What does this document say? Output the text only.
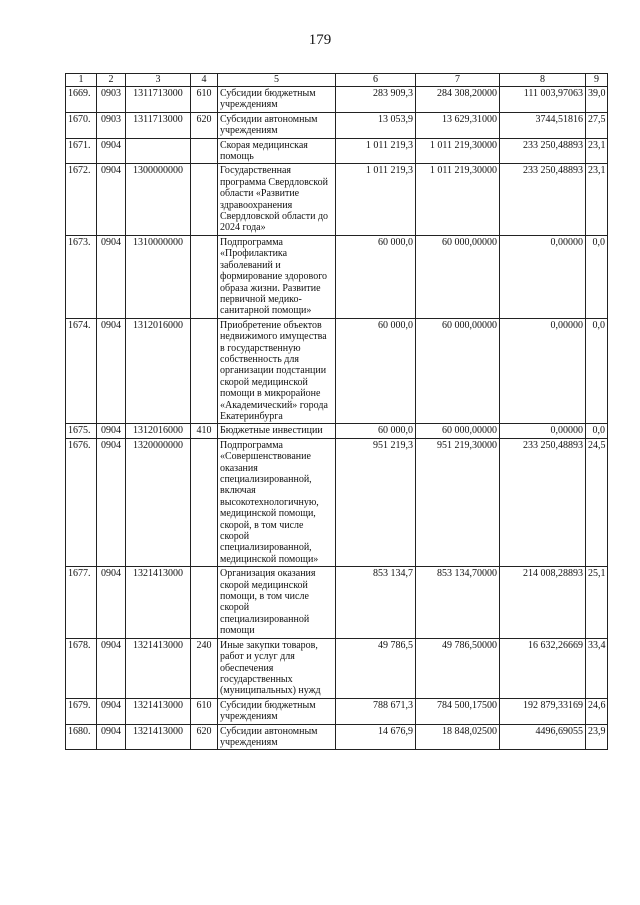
179
1	2	3	4	5	6	7	8	9
1669.	0903	1311713000	610	Субсидии бюджетным учреждениям	283 909,3	284 308,20000	111 003,97063	39,0
1670.	0903	1311713000	620	Субсидии автономным учреждениям	13 053,9	13 629,31000	3744,51816	27,5
1671.	0904			Скорая медицинская помощь	1 011 219,3	1 011 219,30000	233 250,48893	23,1
1672.	0904	1300000000		Государственная программа Свердловской области «Развитие здравоохранения Свердловской области до 2024 года»	1 011 219,3	1 011 219,30000	233 250,48893	23,1
1673.	0904	1310000000		Подпрограмма «Профилактика заболеваний и формирование здорового образа жизни. Развитие первичной медико-санитарной помощи»	60 000,0	60 000,00000	0,00000	0,0
1674.	0904	1312016000		Приобретение объектов недвижимого имущества в государственную собственность для организации подстанции скорой медицинской помощи в микрорайоне «Академический» города Екатеринбурга	60 000,0	60 000,00000	0,00000	0,0
1675.	0904	1312016000	410	Бюджетные инвестиции	60 000,0	60 000,00000	0,00000	0,0
1676.	0904	1320000000		Подпрограмма «Совершенствование оказания специализированной, включая высокотехнологичную, медицинской помощи, скорой, в том числе скорой специализированной, медицинской помощи»	951 219,3	951 219,30000	233 250,48893	24,5
1677.	0904	1321413000		Организация оказания скорой медицинской помощи, в том числе скорой специализированной помощи	853 134,7	853 134,70000	214 008,28893	25,1
1678.	0904	1321413000	240	Иные закупки товаров, работ и услуг для обеспечения государственных (муниципальных) нужд	49 786,5	49 786,50000	16 632,26669	33,4
1679.	0904	1321413000	610	Субсидии бюджетным учреждениям	788 671,3	784 500,17500	192 879,33169	24,6
1680.	0904	1321413000	620	Субсидии автономным учреждениям	14 676,9	18 848,02500	4496,69055	23,9
